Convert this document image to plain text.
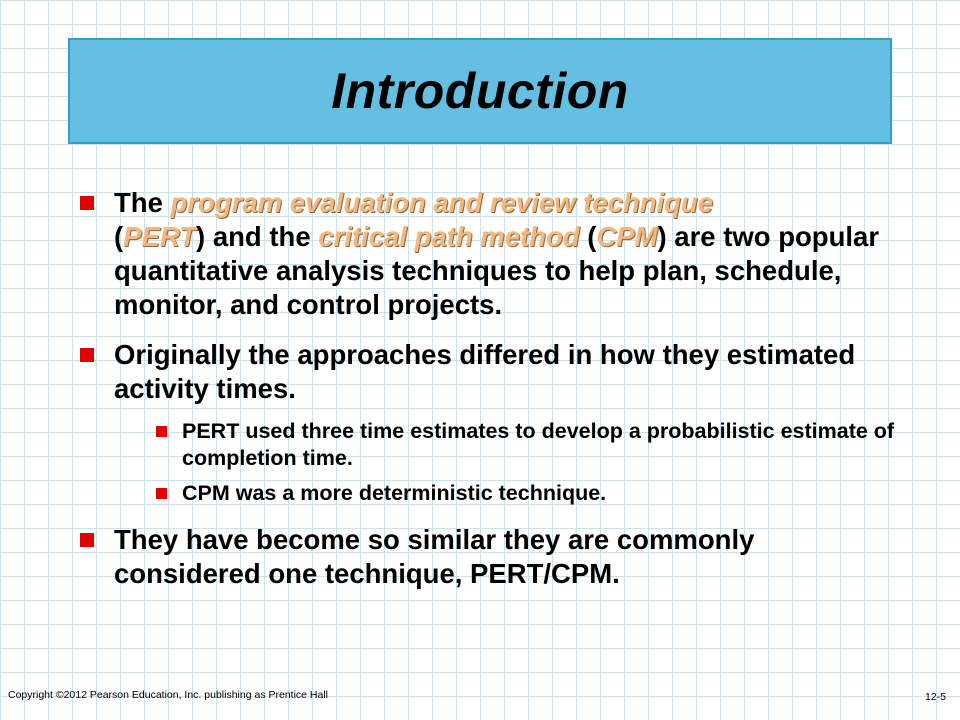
Introduction
The program evaluation and review technique
(PERT) and the critical path method (CPM) are two popular quantitative analysis techniques to help plan, schedule, monitor, and control projects.
Originally the approaches differed in how they estimated activity times.
PERT used three time estimates to develop a probabilistic estimate of completion time.
CPM was a more deterministic technique.
They have become so similar they are commonly considered one technique, PERT/CPM.
Copyright ©2012 Pearson Education, Inc. publishing as Prentice Hall	12-5
